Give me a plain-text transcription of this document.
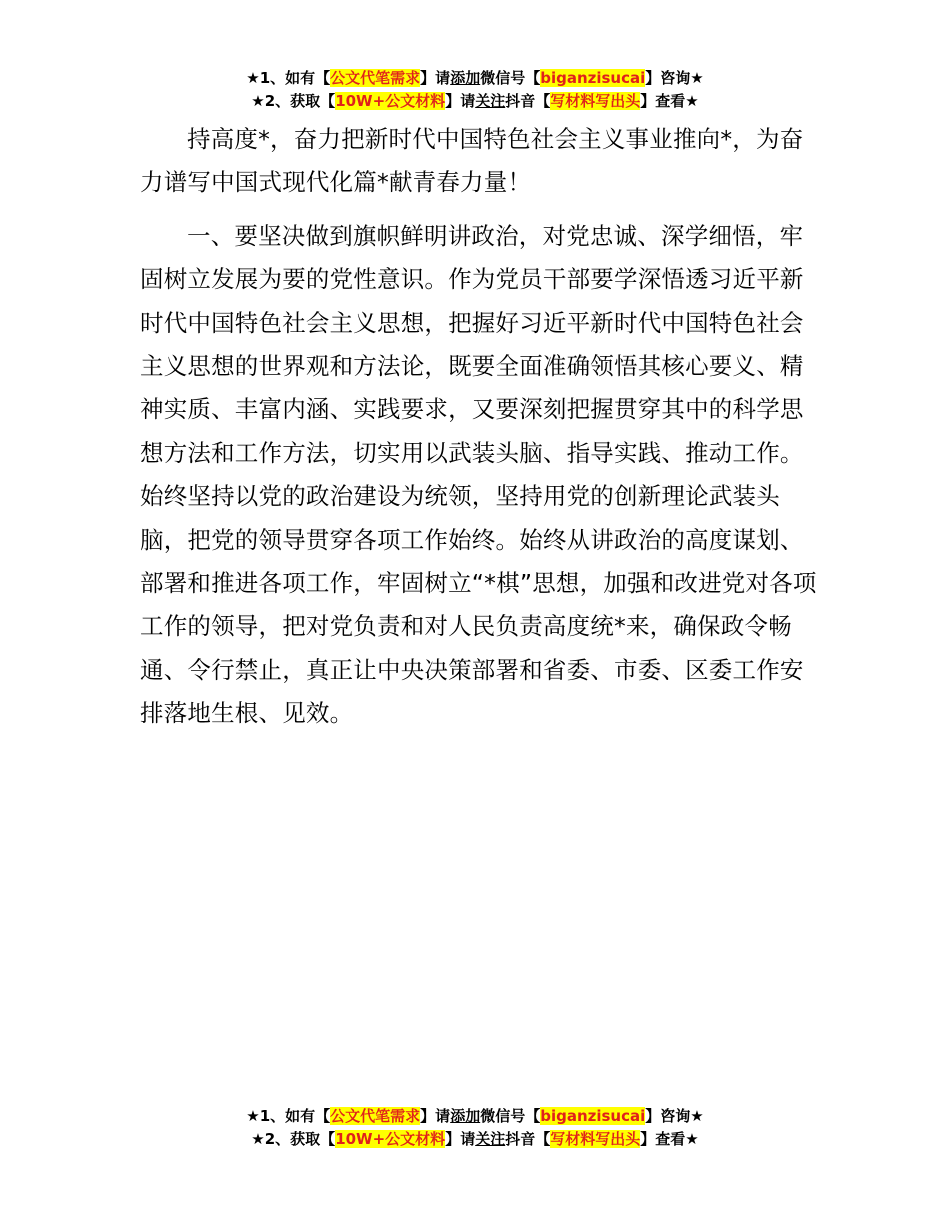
★1、如有【公文代笔需求】请添加微信号【biganzisucai】咨询★
★2、获取【10W+公文材料】请关注抖音【写材料写出头】查看★

持高度*，奋力把新时代中国特色社会主义事业推向*，为奋力谱写中国式现代化篇*献青春力量！

一、要坚决做到旗帜鲜明讲政治，对党忠诚、深学细悟，牢固树立发展为要的党性意识。作为党员干部要学深悟透习近平新时代中国特色社会主义思想，把握好习近平新时代中国特色社会主义思想的世界观和方法论，既要全面准确领悟其核心要义、精神实质、丰富内涵、实践要求，又要深刻把握贯穿其中的科学思想方法和工作方法，切实用以武装头脑、指导实践、推动工作。始终坚持以党的政治建设为统领，坚持用党的创新理论武装头脑，把党的领导贯穿各项工作始终。始终从讲政治的高度谋划、部署和推进各项工作，牢固树立“*棋”思想，加强和改进党对各项工作的领导，把对党负责和对人民负责高度统*来，确保政令畅通、令行禁止，真正让中央决策部署和省委、市委、区委工作安排落地生根、见效。

★1、如有【公文代笔需求】请添加微信号【biganzisucai】咨询★
★2、获取【10W+公文材料】请关注抖音【写材料写出头】查看★
